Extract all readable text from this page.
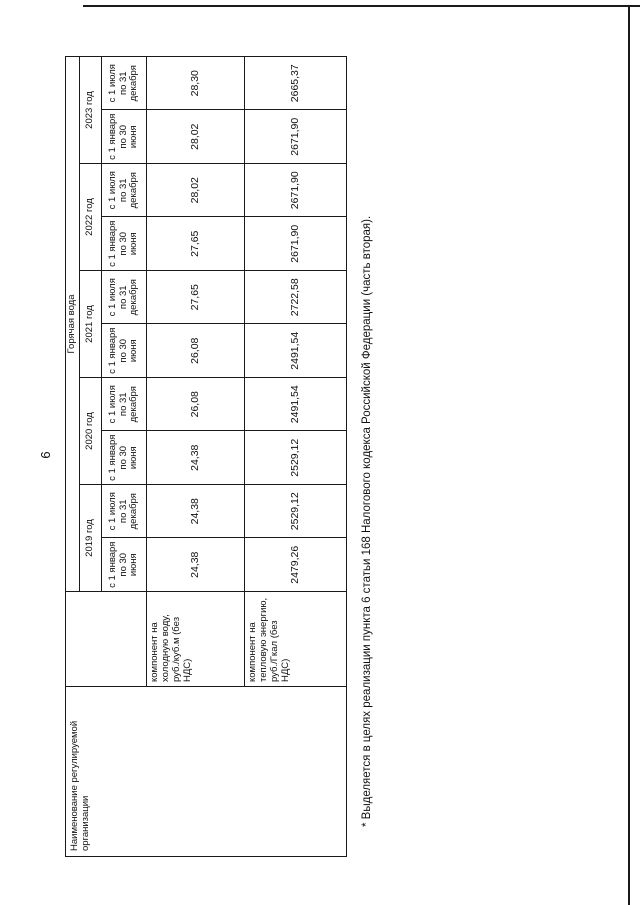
9
Наименование регулируемой организации		Горячая вода									
		2019 год		2020 год		2021 год		2022 год		2023 год	
		с 1 января по 30 июня	с 1 июля по 31 декабря	с 1 января по 30 июня	с 1 июля по 31 декабря	с 1 января по 30 июня	с 1 июля по 31 декабря	с 1 января по 30 июня	с 1 июля по 31 декабря	с 1 января по 30 июня	с 1 июля по 31 декабря

	компонент на холодную воду, руб./куб.м (без НДС)	24,38	24,38	24,38	26,08	26,08	27,65	27,65	28,02	28,02	28,30

	компонент на тепловую энергию, руб./Гкал (без НДС)	2479,26	2529,12	2529,12	2491,54	2491,54	2722,58	2671,90	2671,90	2671,90	2665,37
* Выделяется в целях реализации пункта 6 статьи 168 Налогового кодекса Российской Федерации (часть вторая).
